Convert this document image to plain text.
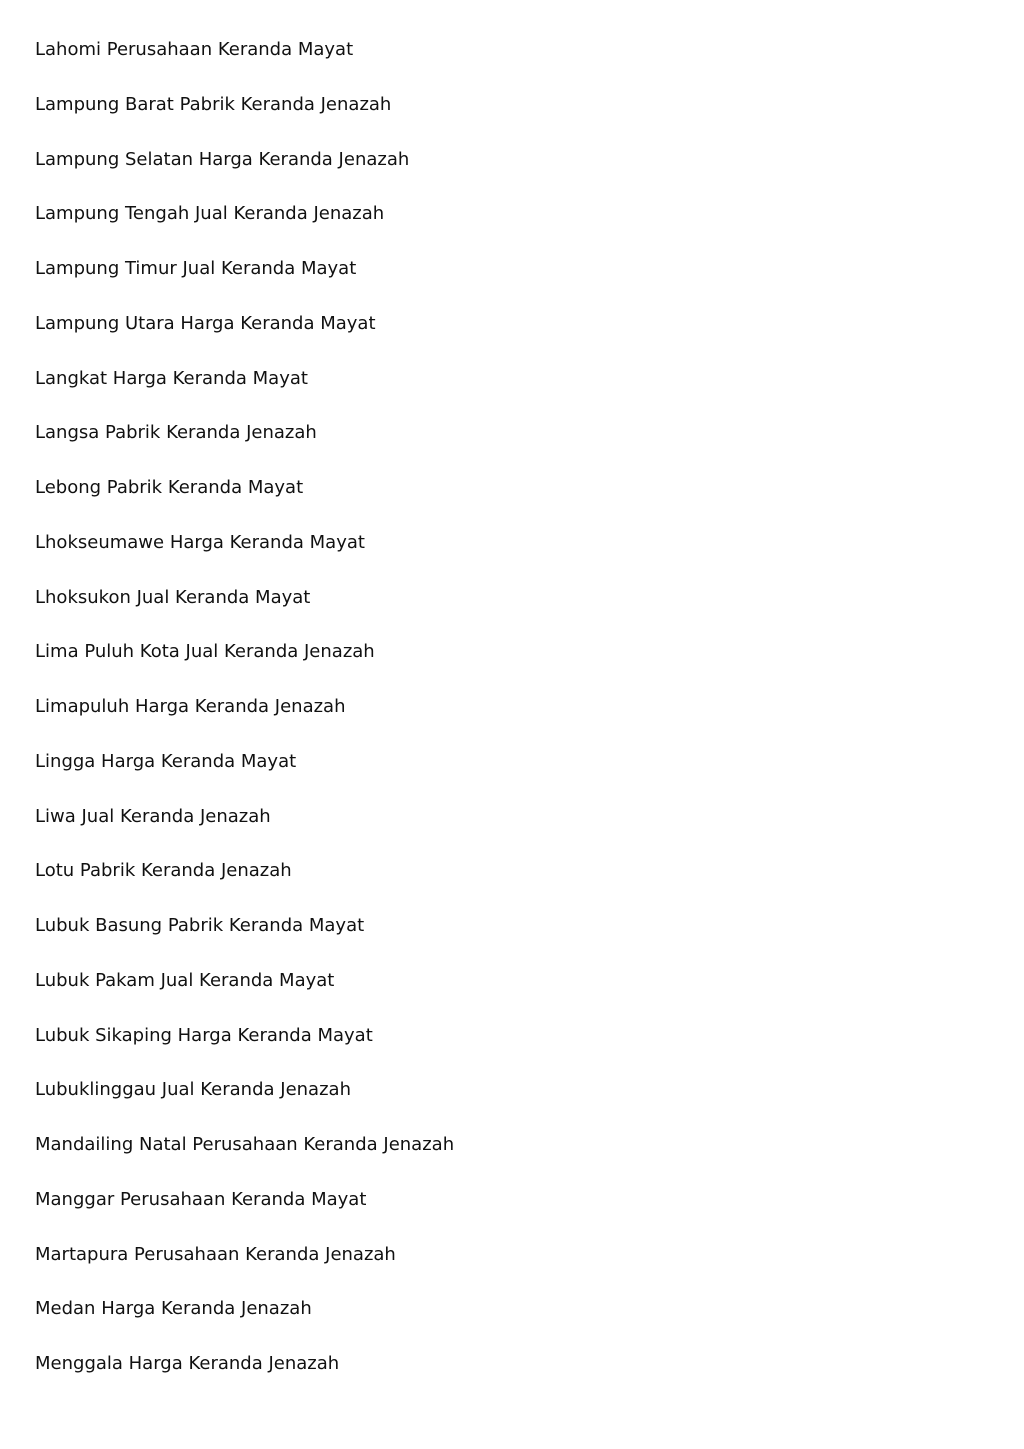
Lahomi Perusahaan Keranda Mayat
Lampung Barat Pabrik Keranda Jenazah
Lampung Selatan Harga Keranda Jenazah
Lampung Tengah Jual Keranda Jenazah
Lampung Timur Jual Keranda Mayat
Lampung Utara Harga Keranda Mayat
Langkat Harga Keranda Mayat
Langsa Pabrik Keranda Jenazah
Lebong Pabrik Keranda Mayat
Lhokseumawe Harga Keranda Mayat
Lhoksukon Jual Keranda Mayat
Lima Puluh Kota Jual Keranda Jenazah
Limapuluh Harga Keranda Jenazah
Lingga Harga Keranda Mayat
Liwa Jual Keranda Jenazah
Lotu Pabrik Keranda Jenazah
Lubuk Basung Pabrik Keranda Mayat
Lubuk Pakam Jual Keranda Mayat
Lubuk Sikaping Harga Keranda Mayat
Lubuklinggau Jual Keranda Jenazah
Mandailing Natal Perusahaan Keranda Jenazah
Manggar Perusahaan Keranda Mayat
Martapura Perusahaan Keranda Jenazah
Medan Harga Keranda Jenazah
Menggala Harga Keranda Jenazah
